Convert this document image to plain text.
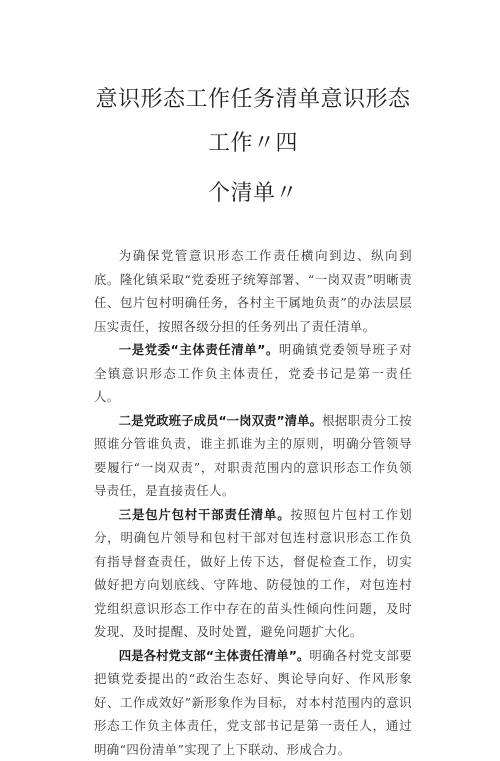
意识形态工作任务清单意识形态工作〃四
个清单〃

为确保党管意识形态工作责任横向到边、纵向到底。隆化镇采取“党委班子统筹部署、“一岗双责”明晰责任、包片包村明确任务，各村主干属地负责”的办法层层压实责任，按照各级分担的任务列出了责任清单。

一是党委“主体责任清单”。明确镇党委领导班子对全镇意识形态工作负主体责任，党委书记是第一责任人。

二是党政班子成员“一岗双责”清单。根据职责分工按照谁分管谁负责，谁主抓谁为主的原则，明确分管领导要履行“一岗双责”，对职责范围内的意识形态工作负领导责任，是直接责任人。

三是包片包村干部责任清单。按照包片包村工作划分，明确包片领导和包村干部对包连村意识形态工作负有指导督查责任，做好上传下达，督促检查工作，切实做好把方向划底线、守阵地、防侵蚀的工作，对包连村党组织意识形态工作中存在的苗头性倾向性问题，及时发现、及时提醒、及时处置，避免问题扩大化。

四是各村党支部“主体责任清单”。明确各村党支部要把镇党委提出的“政治生态好、舆论导向好、作风形象好、工作成效好”新形象作为目标，对本村范围内的意识形态工作负主体责任，党支部书记是第一责任人，通过明确“四份清单”实现了上下联动、形成合力。
